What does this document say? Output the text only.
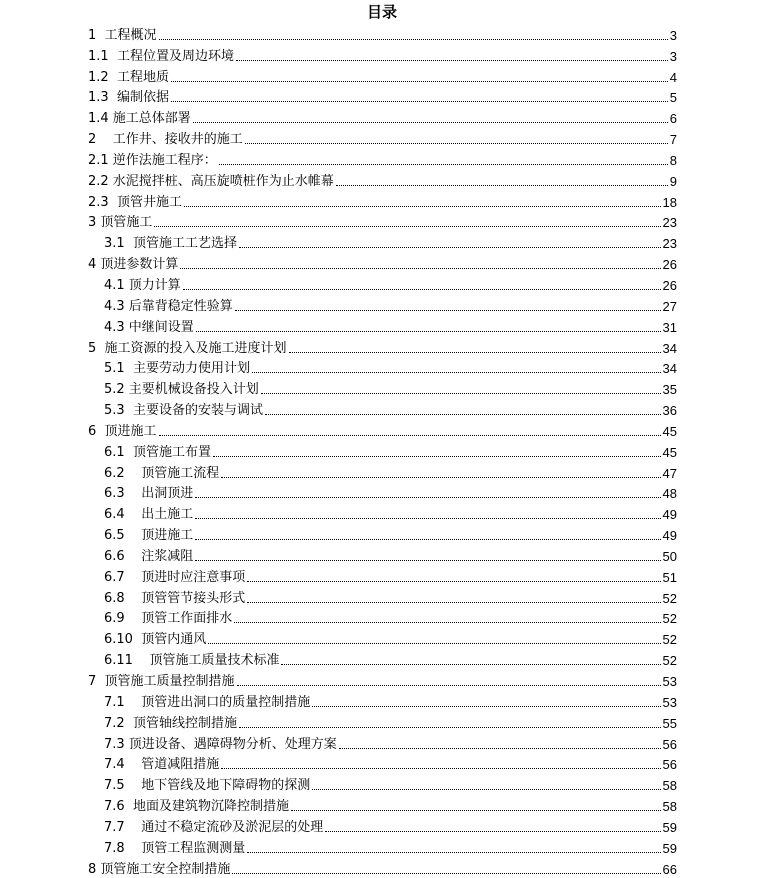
目录
1  工程概况	3
1.1  工程位置及周边环境	3
1.2  工程地质	4
1.3  编制依据	5
1.4 施工总体部署	6
2    工作井、接收井的施工	7
2.1 逆作法施工程序：	8
2.2 水泥搅拌桩、高压旋喷桩作为止水帷幕	9
2.3  顶管井施工	18
3 顶管施工	23
3.1  顶管施工工艺选择	23
4 顶进参数计算	26
4.1 顶力计算	26
4.3 后靠背稳定性验算	27
4.3 中继间设置	31
5  施工资源的投入及施工进度计划	34
5.1  主要劳动力使用计划	34
5.2 主要机械设备投入计划	35
5.3  主要设备的安装与调试	36
6  顶进施工	45
6.1  顶管施工布置	45
6.2    顶管施工流程	47
6.3    出洞顶进	48
6.4    出土施工	49
6.5    顶进施工	49
6.6    注浆减阻	50
6.7    顶进时应注意事项	51
6.8    顶管管节接头形式	52
6.9    顶管工作面排水	52
6.10  顶管内通风	52
6.11    顶管施工质量技术标准	52
7  顶管施工质量控制措施	53
7.1    顶管进出洞口的质量控制措施	53
7.2  顶管轴线控制措施	55
7.3 顶进设备、遇障碍物分析、处理方案	56
7.4    管道减阻措施	56
7.5    地下管线及地下障碍物的探测	58
7.6  地面及建筑物沉降控制措施	58
7.7    通过不稳定流砂及淤泥层的处理	59
7.8    顶管工程监测测量	59
8 顶管施工安全控制措施	66
